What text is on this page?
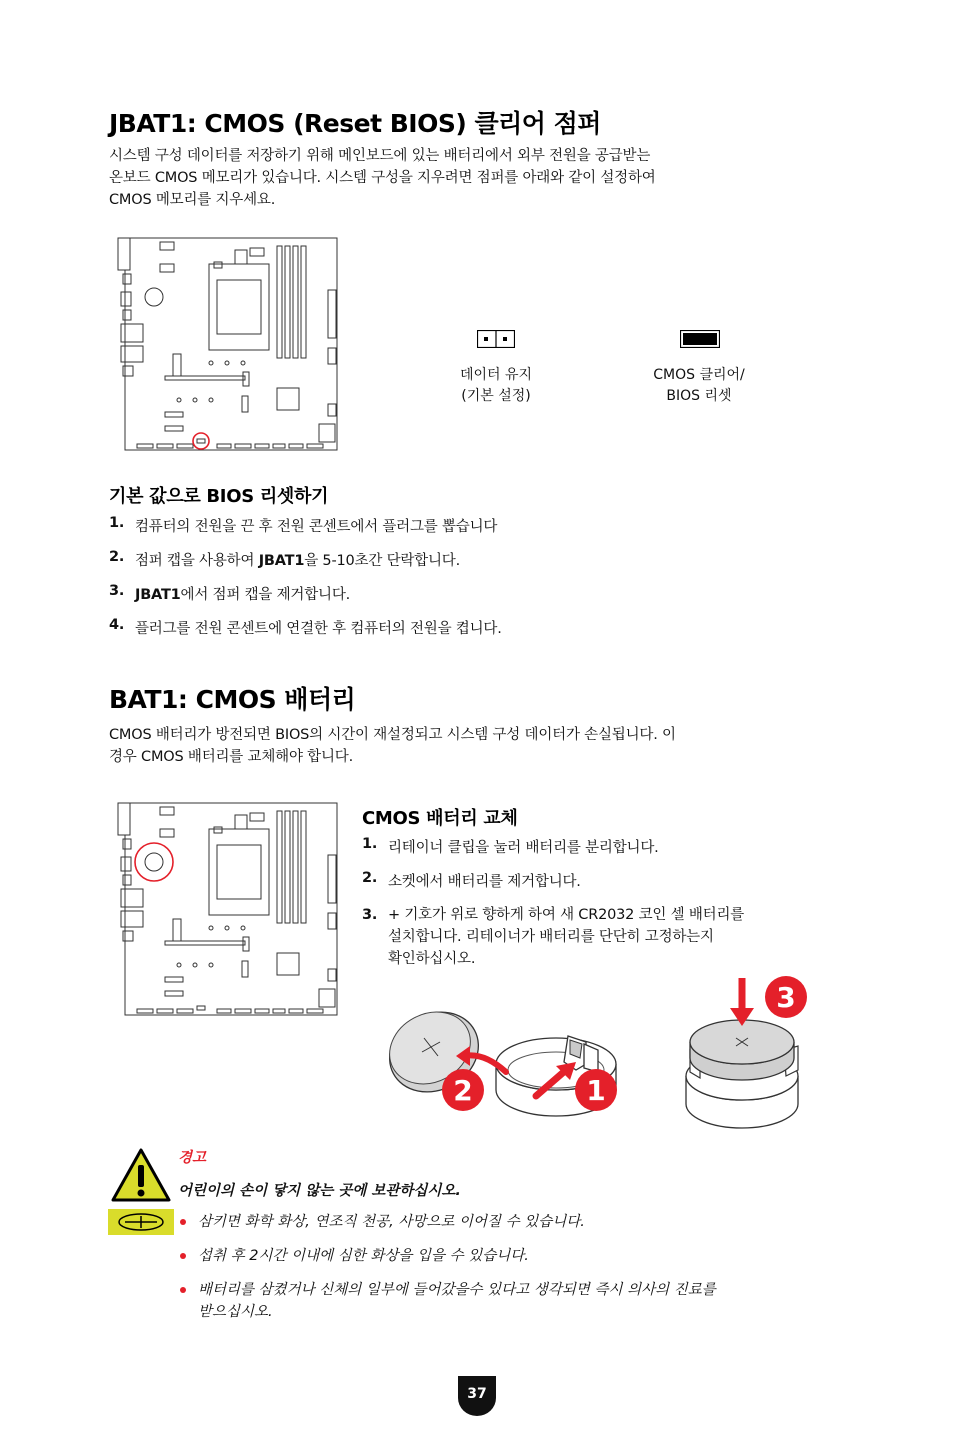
JBAT1: CMOS (Reset BIOS) 클리어 점퍼
시스템 구성 데이터를 저장하기 위해 메인보드에 있는 배터리에서 외부 전원을 공급받는
온보드 CMOS 메모리가 있습니다. 시스템 구성을 지우려면 점퍼를 아래와 같이 설정하여
CMOS 메모리를 지우세요.
데이터 유지
(기본 설정)
CMOS 클리어/
BIOS 리셋
기본 값으로 BIOS 리셋하기
1. 컴퓨터의 전원을 끈 후 전원 콘센트에서 플러그를 뽑습니다
2. 점퍼 캡을 사용하여 JBAT1을 5-10초간 단락합니다.
3. JBAT1에서 점퍼 캡을 제거합니다.
4. 플러그를 전원 콘센트에 연결한 후 컴퓨터의 전원을 켭니다.
BAT1: CMOS 배터리
CMOS 배터리가 방전되면 BIOS의 시간이 재설정되고 시스템 구성 데이터가 손실됩니다. 이
경우 CMOS 배터리를 교체해야 합니다.
CMOS 배터리 교체
1. 리테이너 클립을 눌러 배터리를 분리합니다.
2. 소켓에서 배터리를 제거합니다.
3. + 기호가 위로 향하게 하여 새 CR2032 코인 셀 배터리를
설치합니다. 리테이너가 배터리를 단단히 고정하는지
확인하십시오.
2	1
3
경고
어린이의 손이 닿지 않는 곳에 보관하십시오.
삼키면 화학 화상, 연조직 천공, 사망으로 이어질 수 있습니다.
섭취 후 2시간 이내에 심한 화상을 입을 수 있습니다.
배터리를 삼켰거나 신체의 일부에 들어갔을수 있다고 생각되면 즉시 의사의 진료를
받으십시오.
37
